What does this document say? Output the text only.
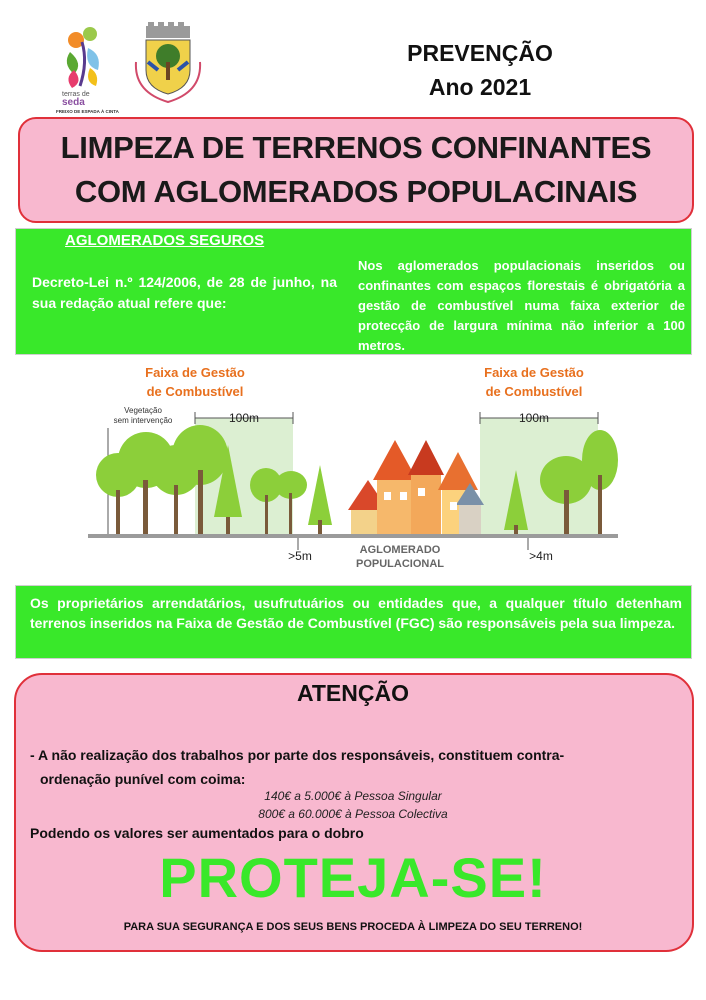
terras de
seda
FREIXO DE ESPADA À CINTA
PREVENÇÃO
Ano 2021
LIMPEZA DE TERRENOS CONFINANTES
COM AGLOMERADOS POPULACINAIS
AGLOMERADOS SEGUROS
Decreto-Lei n.º 124/2006, de 28 de junho, na sua redação atual refere que:
Nos aglomerados populacionais inseridos ou confinantes com espaços florestais é obrigatória a gestão de combustível numa faixa exterior de protecção de largura mínima não inferior a 100 metros.
Faixa de Gestão
de Combustível
Faixa de Gestão
de Combustível
100m
Vegetação
sem intervenção	100m
>5m	>4m
AGLOMERADO
POPULACIONAL
Os proprietários arrendatários, usufrutuários ou entidades que, a qualquer título detenham terrenos inseridos na Faixa de Gestão de Combustível (FGC) são responsáveis pela sua limpeza.
ATENÇÃO
- A não realização dos trabalhos por parte dos responsáveis, constituem contra-
ordenação punível com coima:
140€ a 5.000€ à Pessoa Singular
800€ a 60.000€ à Pessoa Colectiva
Podendo os valores ser aumentados para o dobro
PROTEJA-SE!
PARA SUA SEGURANÇA E DOS SEUS BENS PROCEDA À LIMPEZA DO SEU TERRENO!
